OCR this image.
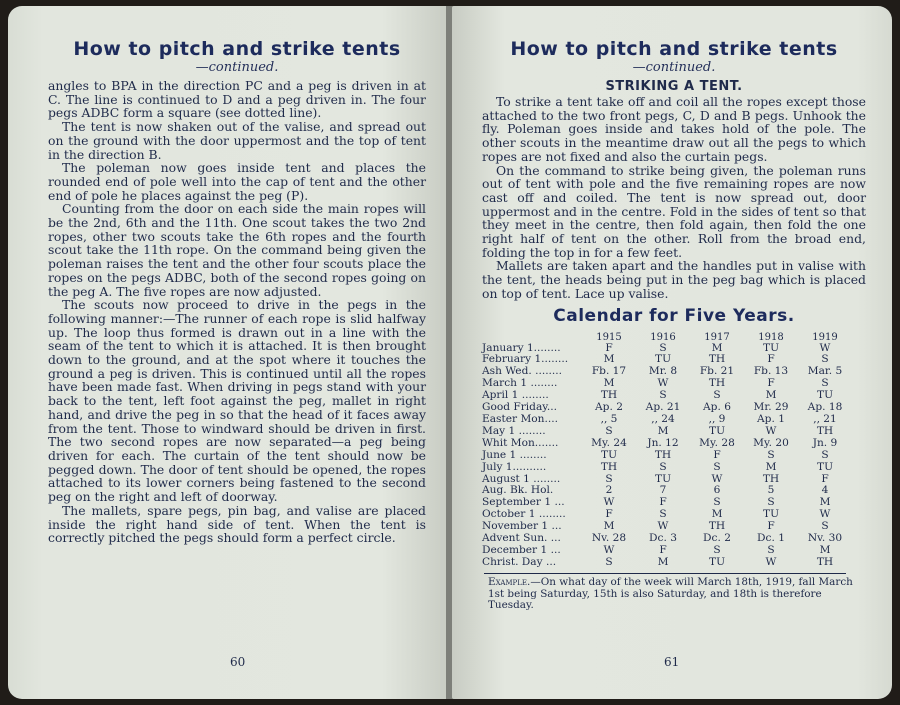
How to pitch and strike tents

—continued.

angles to BPA in the direction PC and a peg is driven in at C. The line is continued to D and a peg driven in. The four pegs ADBC form a square (see dotted line).

The tent is now shaken out of the valise, and spread out on the ground with the door uppermost and the top of tent in the direction B.

The poleman now goes inside tent and places the rounded end of pole well into the cap of tent and the other end of pole he places against the peg (P).

Counting from the door on each side the main ropes will be the 2nd, 6th and the 11th. One scout takes the two 2nd ropes, other two scouts take the 6th ropes and the fourth scout take the 11th rope. On the command being given the poleman raises the tent and the other four scouts place the ropes on the pegs ADBC, both of the second ropes going on the peg A. The five ropes are now adjusted.

The scouts now proceed to drive in the pegs in the following manner:—The runner of each rope is slid halfway up. The loop thus formed is drawn out in a line with the seam of the tent to which it is attached. It is then brought down to the ground, and at the spot where it touches the ground a peg is driven. This is continued until all the ropes have been made fast. When driving in pegs stand with your back to the tent, left foot against the peg, mallet in right hand, and drive the peg in so that the head of it faces away from the tent. Those to windward should be driven in first. The two second ropes are now separated—a peg being driven for each. The curtain of the tent should now be pegged down. The door of tent should be opened, the ropes attached to its lower corners being fastened to the second peg on the right and left of doorway.

The mallets, spare pegs, pin bag, and valise are placed inside the right hand side of tent. When the tent is correctly pitched the pegs should form a perfect circle.

60
How to pitch and strike tents

—continued.

STRIKING A TENT.

To strike a tent take off and coil all the ropes except those attached to the two front pegs, C, D and B pegs. Unhook the fly. Poleman goes inside and takes hold of the pole. The other scouts in the meantime draw out all the pegs to which ropes are not fixed and also the curtain pegs.

On the command to strike being given, the poleman runs out of tent with pole and the five remaining ropes are now cast off and coiled. The tent is now spread out, door uppermost and in the centre. Fold in the sides of tent so that they meet in the centre, then fold again, then fold the one right half of tent on the other. Roll from the broad end, folding the top in for a few feet.

Mallets are taken apart and the handles put in valise with the tent, the heads being put in the peg bag which is placed on top of tent. Lace up valise.

Calendar for Five Years.
	1915	1916	1917	1918	1919
January 1........	F	S	M	TU	W
February 1........	M	TU	TH	F	S
Ash Wed. ........	Fb. 17	Mr. 8	Fb. 21	Fb. 13	Mar. 5
March 1 ........	M	W	TH	F	S
April 1 ........	TH	S	S	M	TU
Good Friday...	Ap. 2	Ap. 21	Ap. 6	Mr. 29	Ap. 18
Easter Mon....	,, 5	,, 24	,, 9	Ap. 1	,, 21
May 1 ........	S	M	TU	W	TH
Whit Mon.......	My. 24	Jn. 12	My. 28	My. 20	Jn. 9
June 1 ........	TU	TH	F	S	S
July 1..........	TH	S	S	M	TU
August 1 ........	S	TU	W	TH	F
Aug. Bk. Hol.	2	7	6	5	4
September 1 ...	W	F	S	S	M
October 1 ........	F	S	M	TU	W
November 1 ...	M	W	TH	F	S
Advent Sun. ...	Nv. 28	Dc. 3	Dc. 2	Dc. 1	Nv. 30
December 1 ...	W	F	S	S	M
Christ. Day ...	S	M	TU	W	TH

Example.—On what day of the week will March 18th, 1919, fall March 1st being Saturday, 15th is also Saturday, and 18th is therefore Tuesday.

61
